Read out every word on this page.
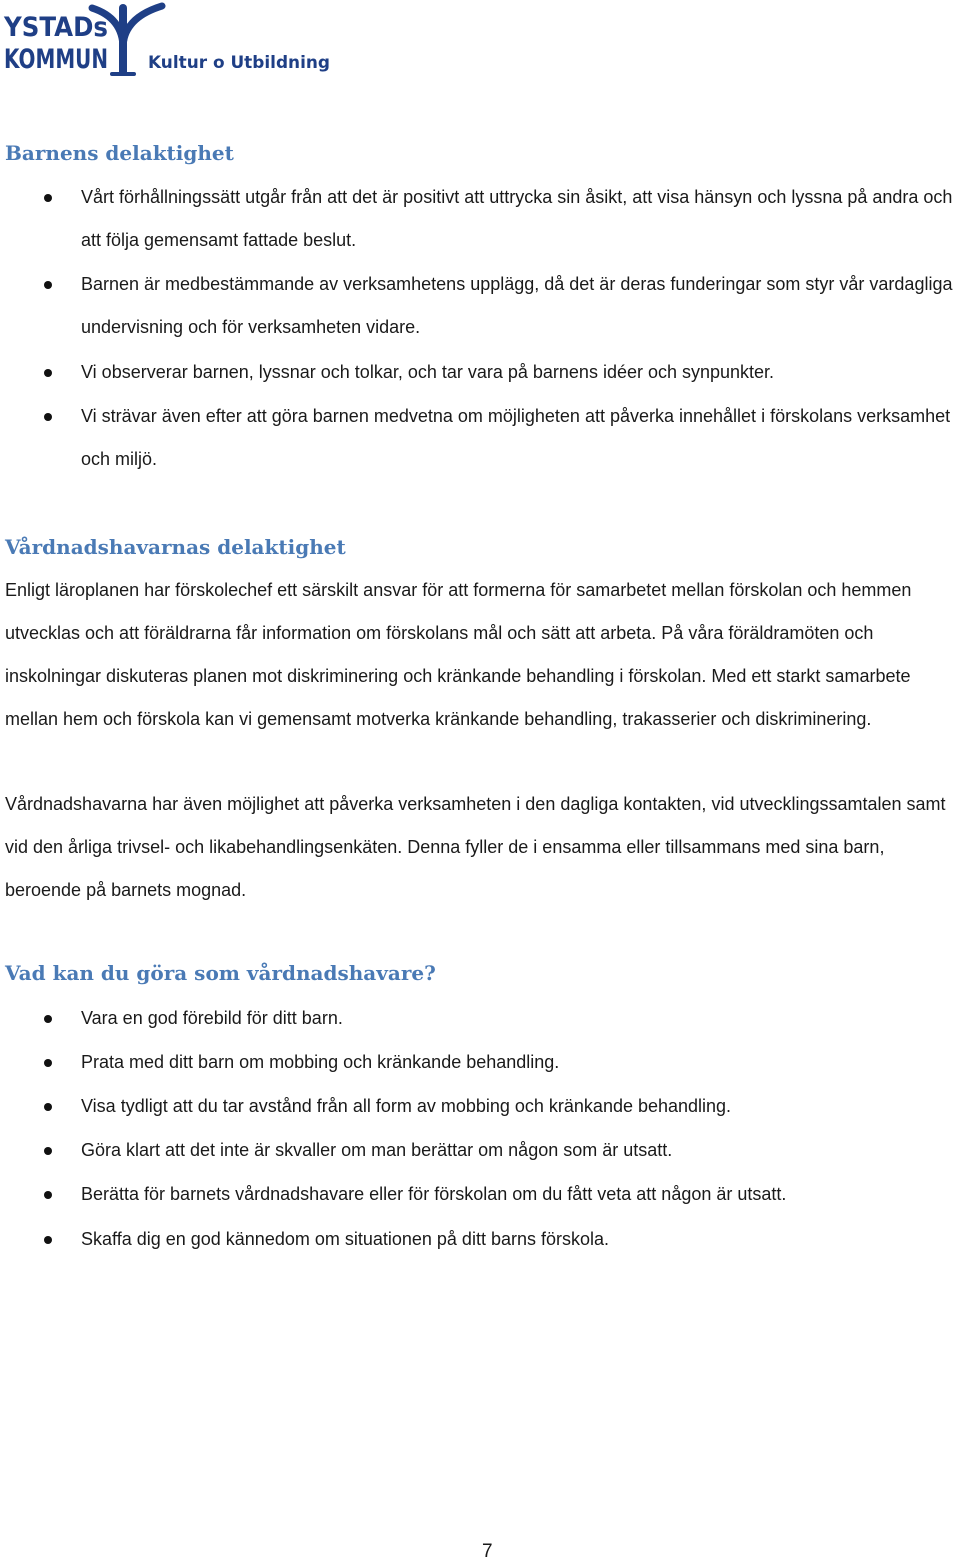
YSTADs
KOMMUN Kultur o Utbildning
Barnens delaktighet
Vårt förhållningssätt utgår från att det är positivt att uttrycka sin åsikt, att visa hänsyn och lyssna på andra och att följa gemensamt fattade beslut.
Barnen är medbestämmande av verksamhetens upplägg, då det är deras funderingar som styr vår vardagliga undervisning och för verksamheten vidare.
Vi observerar barnen, lyssnar och tolkar, och tar vara på barnens idéer och synpunkter.
Vi strävar även efter att göra barnen medvetna om möjligheten att påverka innehållet i förskolans verksamhet och miljö.
Vårdnadshavarnas delaktighet

Enligt läroplanen har förskolechef ett särskilt ansvar för att formerna för samarbetet mellan förskolan och hemmen utvecklas och att föräldrarna får information om förskolans mål och sätt att arbeta. På våra föräldramöten och inskolningar diskuteras planen mot diskriminering och kränkande behandling i förskolan. Med ett starkt samarbete mellan hem och förskola kan vi gemensamt motverka kränkande behandling, trakasserier och diskriminering.

Vårdnadshavarna har även möjlighet att påverka verksamheten i den dagliga kontakten, vid utvecklingssamtalen samt vid den årliga trivsel- och likabehandlingsenkäten. Denna fyller de i ensamma eller tillsammans med sina barn, beroende på barnets mognad.

Vad kan du göra som vårdnadshavare?
Vara en god förebild för ditt barn.
Prata med ditt barn om mobbing och kränkande behandling.
Visa tydligt att du tar avstånd från all form av mobbing och kränkande behandling.
Göra klart att det inte är skvaller om man berättar om någon som är utsatt.
Berätta för barnets vårdnadshavare eller för förskolan om du fått veta att någon är utsatt.
Skaffa dig en god kännedom om situationen på ditt barns förskola.
7
